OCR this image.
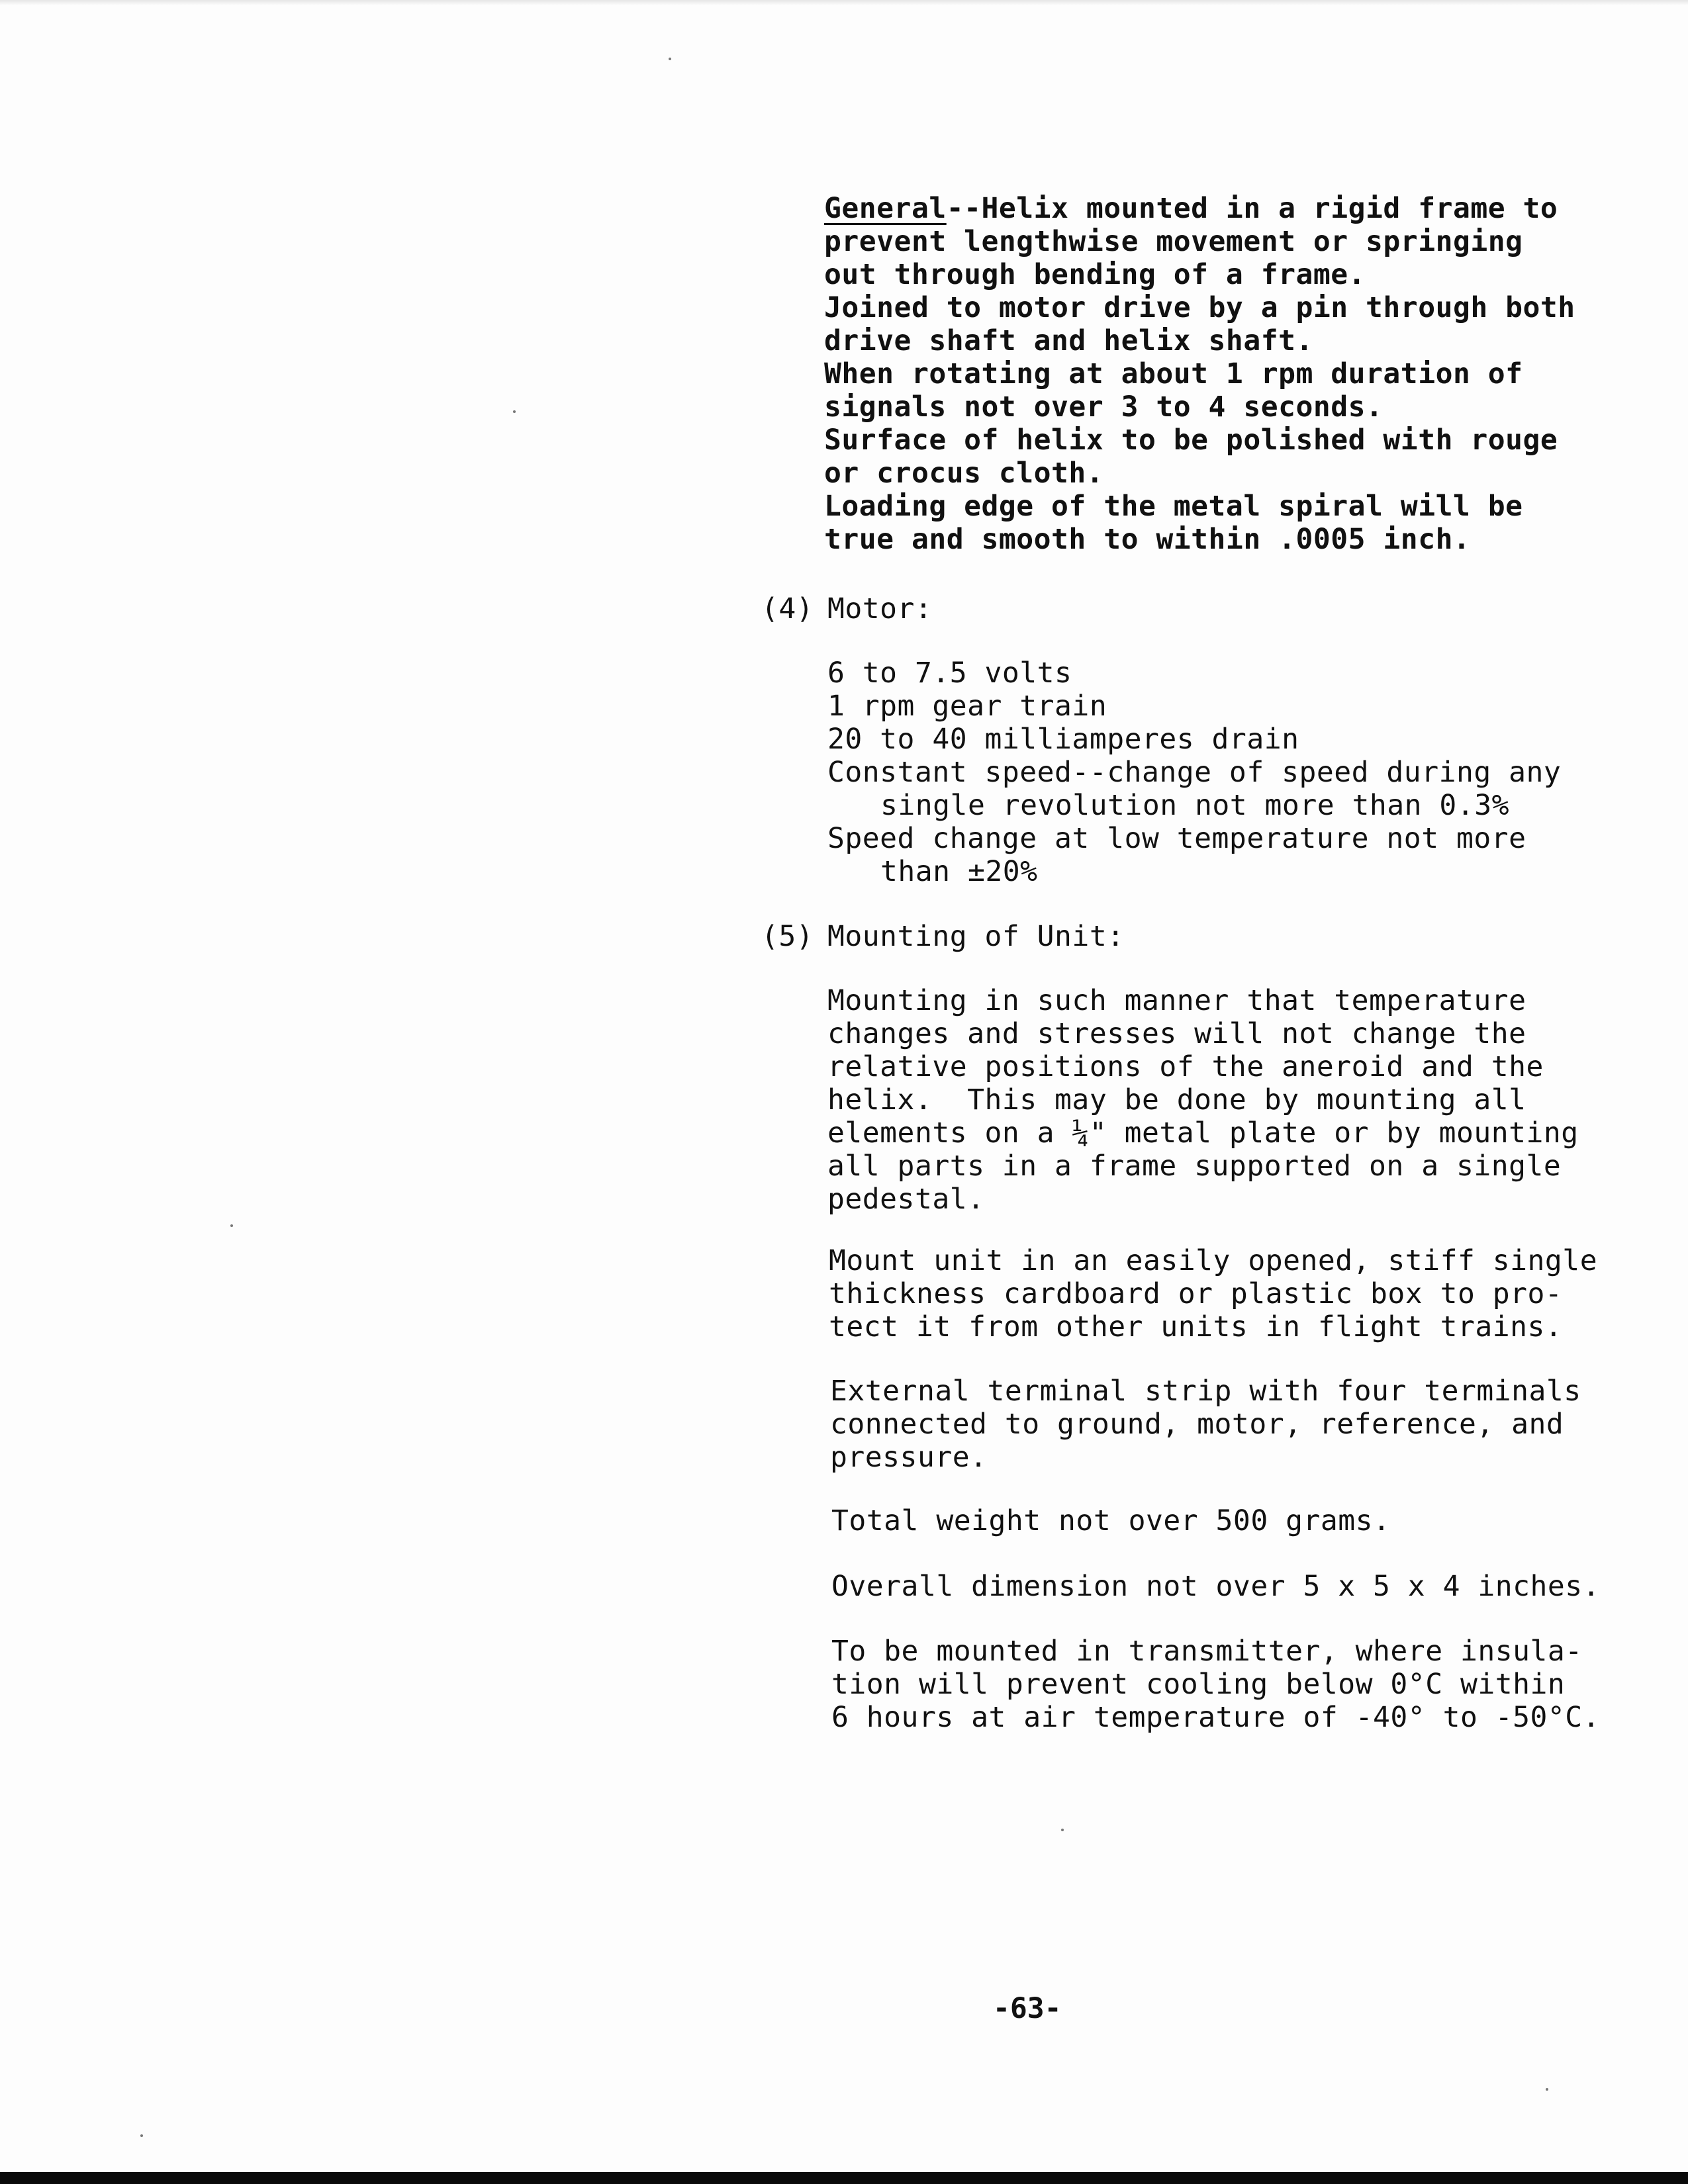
General--Helix mounted in a rigid frame to
prevent lengthwise movement or springing
out through bending of a frame.
Joined to motor drive by a pin through both
drive shaft and helix shaft.
When rotating at about 1 rpm duration of
signals not over 3 to 4 seconds.
Surface of helix to be polished with rouge
or crocus cloth.
Loading edge of the metal spiral will be
true and smooth to within .0005 inch.
(4) Motor:
6 to 7.5 volts
1 rpm gear train
20 to 40 milliamperes drain
Constant speed--change of speed during any
single revolution not more than 0.3%
Speed change at low temperature not more
than ±20%
(5) Mounting of Unit:
Mounting in such manner that temperature
changes and stresses will not change the
relative positions of the aneroid and the
helix.  This may be done by mounting all
elements on a ¼" metal plate or by mounting
all parts in a frame supported on a single
pedestal.
Mount unit in an easily opened, stiff single
thickness cardboard or plastic box to pro-
tect it from other units in flight trains.
External terminal strip with four terminals
connected to ground, motor, reference, and
pressure.
Total weight not over 500 grams.
Overall dimension not over 5 x 5 x 4 inches.
To be mounted in transmitter, where insula-
tion will prevent cooling below 0°C within
6 hours at air temperature of -40° to -50°C.
-63-
